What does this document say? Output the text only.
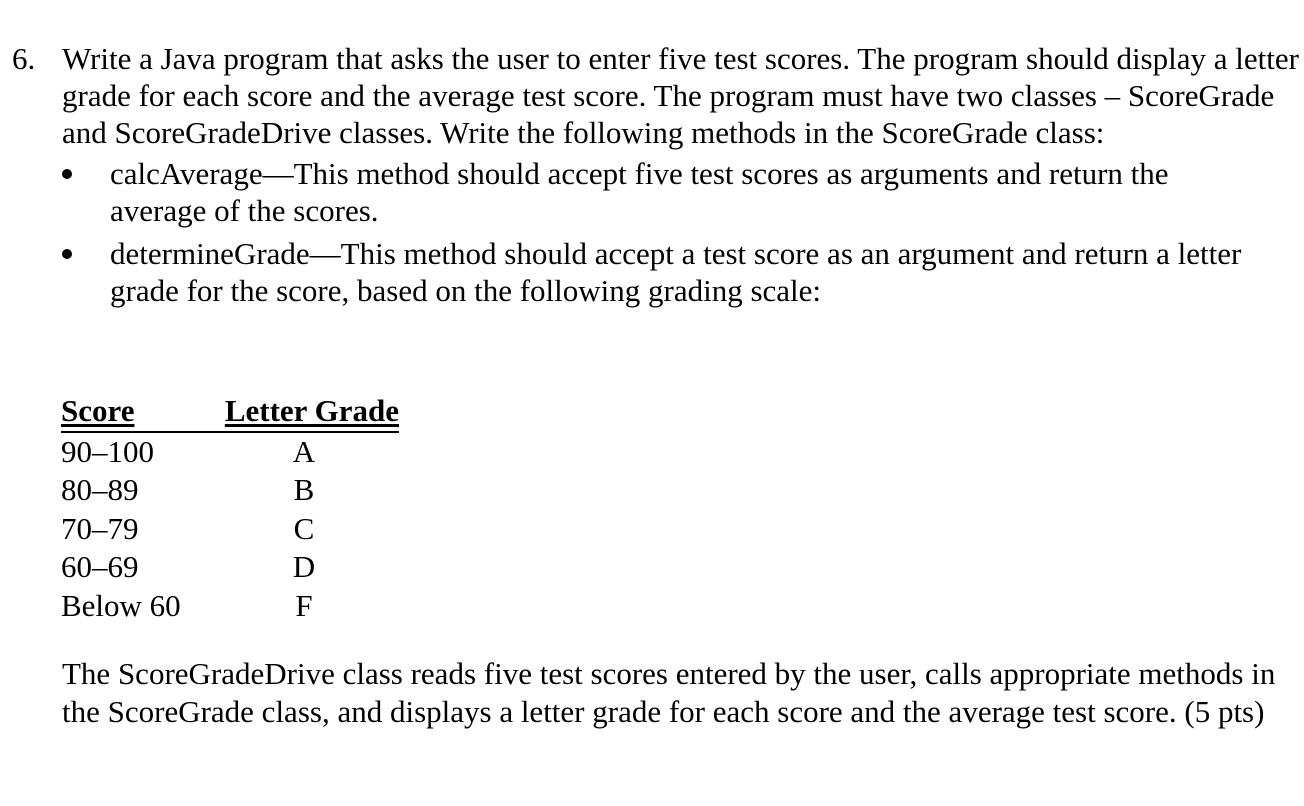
6. Write a Java program that asks the user to enter five test scores. The program should display a letter grade for each score and the average test score. The program must have two classes – ScoreGrade and ScoreGradeDrive classes. Write the following methods in the ScoreGrade class:

calcAverage—This method should accept five test scores as arguments and return the average of the scores.
determineGrade—This method should accept a test score as an argument and return a letter grade for the score, based on the following grading scale:
Score	Letter Grade
90–100	A
80–89	B
70–79	C
60–69	D
Below 60	F

The ScoreGradeDrive class reads five test scores entered by the user, calls appropriate methods in the ScoreGrade class, and displays a letter grade for each score and the average test score. (5 pts)
